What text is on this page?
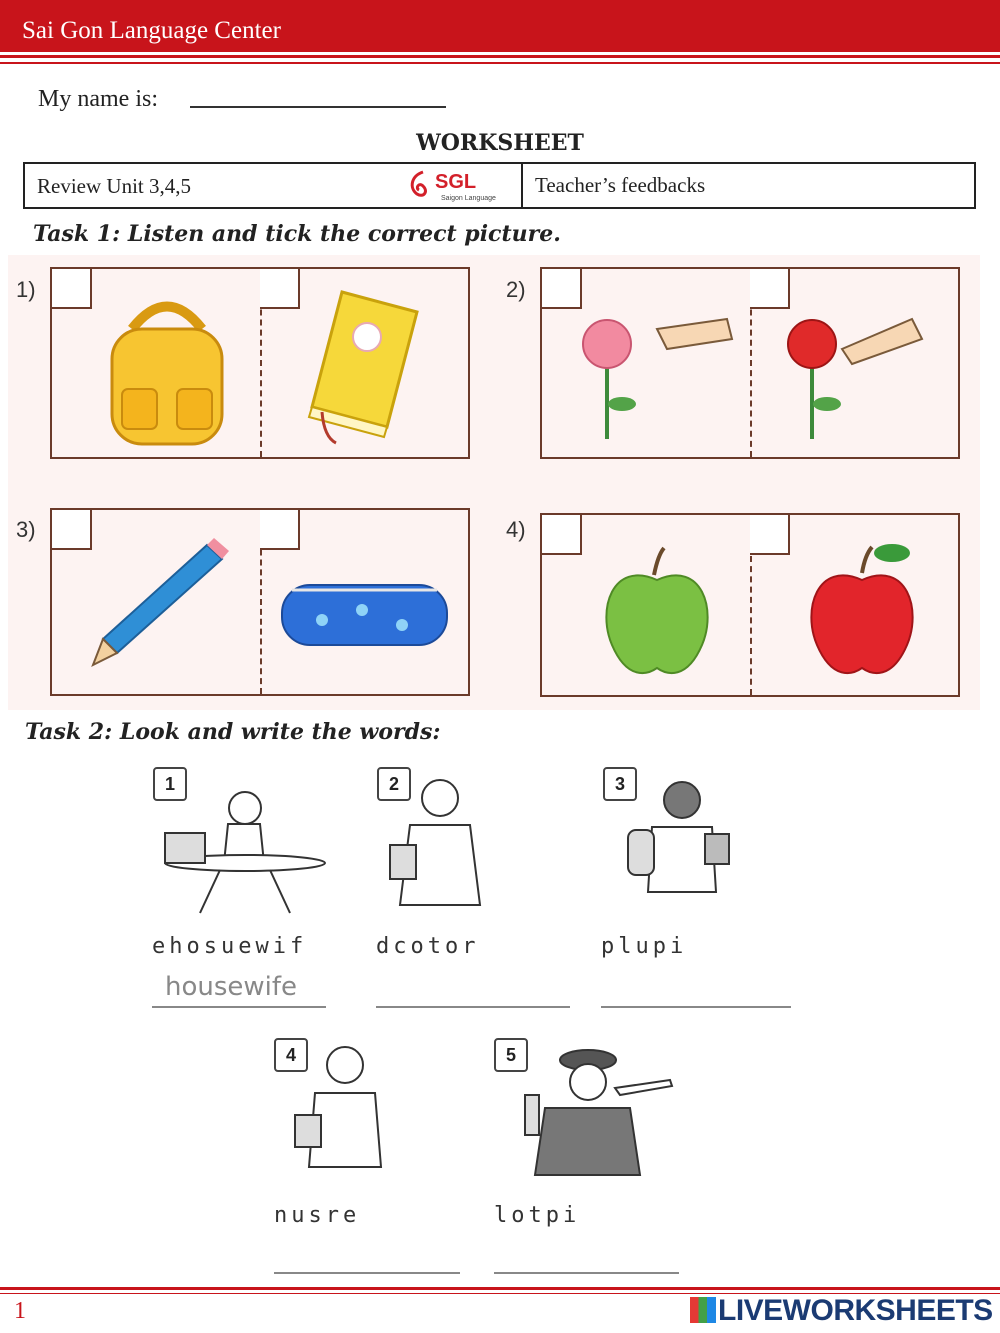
Sai Gon Language Center
My name is:
WORKSHEET
Review Unit 3,4,5	SGL
Saigon Language
Teacher’s feedbacks
Task 1: Listen and tick the correct picture.
1)	2)
3)	4)
Task 2: Look and write the words:
1
ehosuewif
housewife
2
dcotor
3
plupi
4
nusre
5
lotpi
1	LIVEWORKSHEETS
